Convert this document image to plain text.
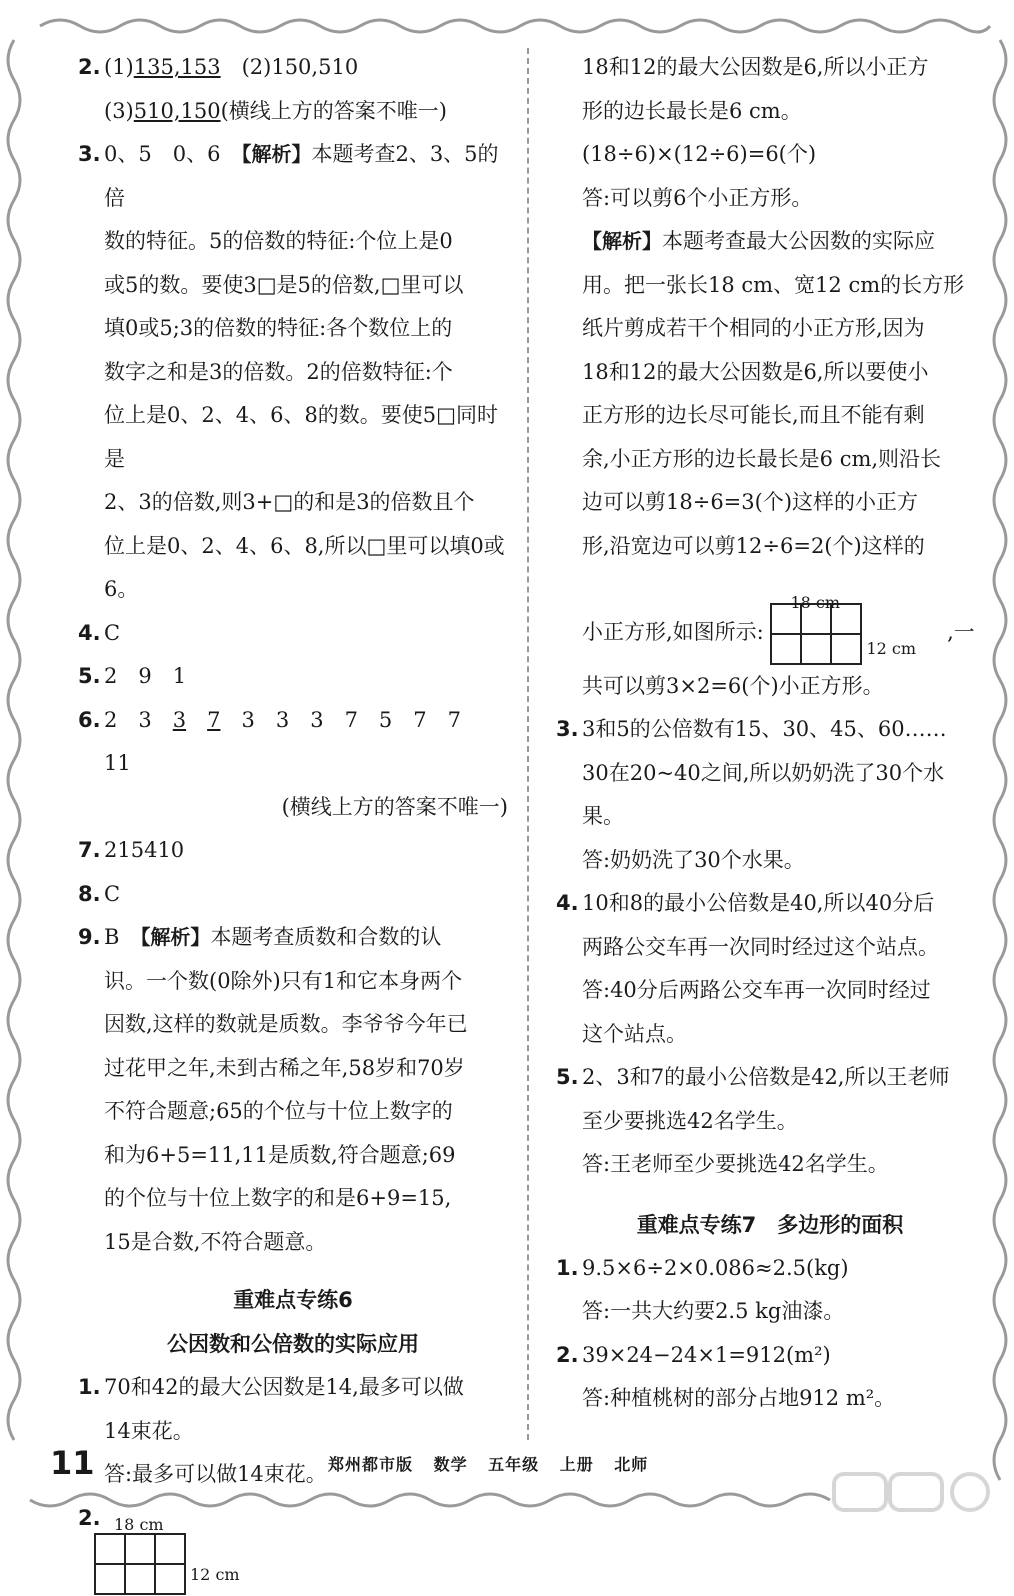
2. (1)135,153　 (2)150,510
(3)510,150(横线上方的答案不唯一)
3. 0、5　0、6　 【解析】本题考查2、3、5的倍
数的特征。5的倍数的特征:个位上是0
或5的数。要使3□是5的倍数,□里可以
填0或5;3的倍数的特征:各个数位上的
数字之和是3的倍数。2的倍数特征:个
位上是0、2、4、6、8的数。要使5□同时是
2、3的倍数,则3+□的和是3的倍数且个
位上是0、2、4、6、8,所以□里可以填0或6。
4. C
5. 2　9　1
6. 2　3　3　 7　3　3　3　7　5　7　7　11
(横线上方的答案不唯一)
7. 215410
8. C
9. B　 【解析】本题考查质数和合数的认
识。一个数(0除外)只有1和它本身两个
因数,这样的数就是质数。李爷爷今年已
过花甲之年,未到古稀之年,58岁和70岁
不符合题意;65的个位与十位上数字的
和为6+5=11,11是质数,符合题意;69
的个位与十位上数字的和是6+9=15,
15是合数,不符合题意。
重难点专练6
公因数和公倍数的实际应用
1. 70和42的最大公因数是14,最多可以做
14束花。
答:最多可以做14束花。
2. 18 cm
12 cm
18和12的最大公因数是6,所以小正方
形的边长最长是6 cm。
(18÷6)×(12÷6)=6(个)
答:可以剪6个小正方形。
【解析】本题考查最大公因数的实际应
用。把一张长18 cm、宽12 cm的长方形
纸片剪成若干个相同的小正方形,因为
18和12的最大公因数是6,所以要使小
正方形的边长尽可能长,而且不能有剩
余,小正方形的边长最长是6 cm,则沿长
边可以剪18÷6=3(个)这样的小正方
形,沿宽边可以剪12÷6=2(个)这样的
小正方形,如图所示:
18 cm
12 cm
,一
共可以剪3×2=6(个)小正方形。
3. 3和5的公倍数有15、30、45、60……
30在20~40之间,所以奶奶洗了30个水果。
答:奶奶洗了30个水果。
4. 10和8的最小公倍数是40,所以40分后
两路公交车再一次同时经过这个站点。
答:40分后两路公交车再一次同时经过
这个站点。
5. 2、3和7的最小公倍数是42,所以王老师
至少要挑选42名学生。
答:王老师至少要挑选42名学生。
重难点专练7　多边形的面积
1. 9.5×6÷2×0.086≈2.5(kg)
答:一共大约要2.5 kg油漆。
2. 39×24−24×1=912(m²)
答:种植桃树的部分占地912 m²。
11	郑州都市版 数学 五年级 上册 北师
